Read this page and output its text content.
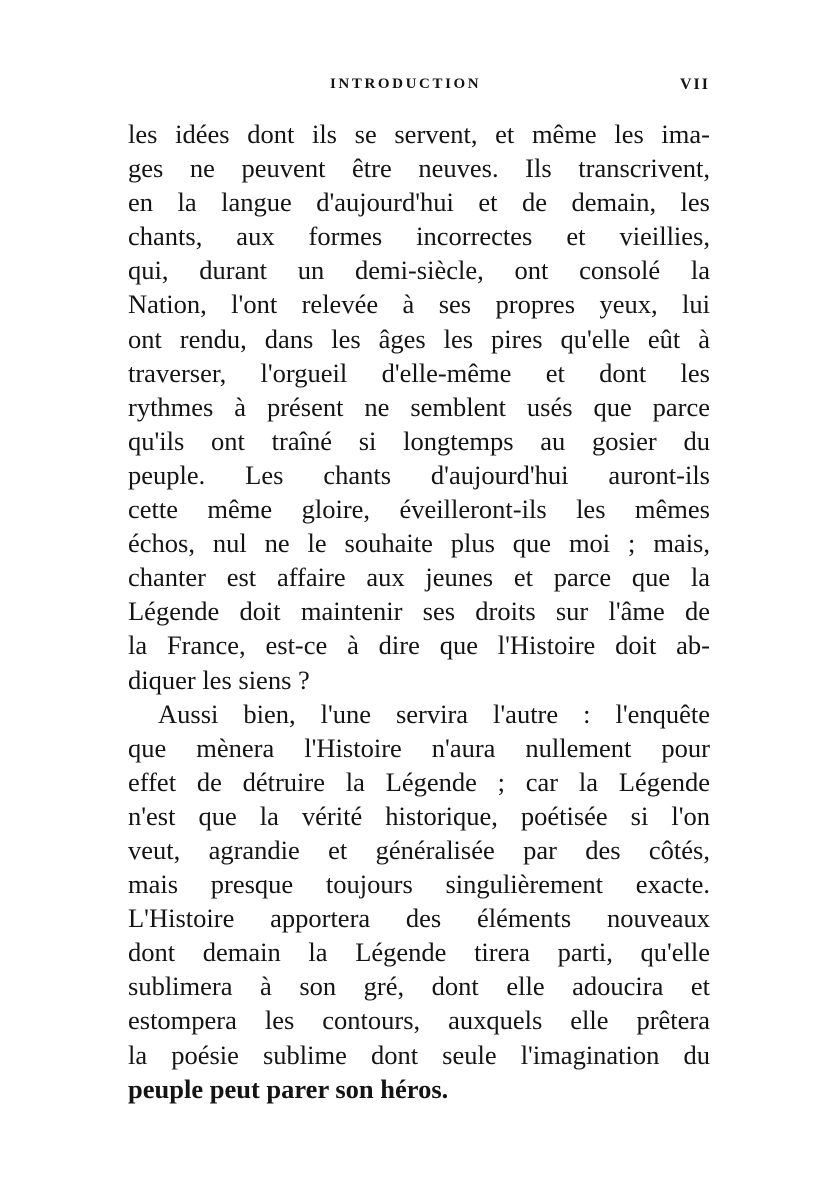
INTRODUCTION	VII
les idées dont ils se servent, et même les ima-
ges ne peuvent être neuves. Ils transcrivent,
en la langue d'aujourd'hui et de demain, les
chants, aux formes incorrectes et vieillies,
qui, durant un demi-siècle, ont consolé la
Nation, l'ont relevée à ses propres yeux, lui
ont rendu, dans les âges les pires qu'elle eût à
traverser, l'orgueil d'elle-même et dont les
rythmes à présent ne semblent usés que parce
qu'ils ont traîné si longtemps au gosier du
peuple. Les chants d'aujourd'hui auront-ils
cette même gloire, éveilleront-ils les mêmes
échos, nul ne le souhaite plus que moi ; mais,
chanter est affaire aux jeunes et parce que la
Légende doit maintenir ses droits sur l'âme de
la France, est-ce à dire que l'Histoire doit ab-
diquer les siens ?
Aussi bien, l'une servira l'autre : l'enquête
que mènera l'Histoire n'aura nullement pour
effet de détruire la Légende ; car la Légende
n'est que la vérité historique, poétisée si l'on
veut, agrandie et généralisée par des côtés,
mais presque toujours singulièrement exacte.
L'Histoire apportera des éléments nouveaux
dont demain la Légende tirera parti, qu'elle
sublimera à son gré, dont elle adoucira et
estompera les contours, auxquels elle prêtera
la poésie sublime dont seule l'imagination du
peuple peut parer son héros.
